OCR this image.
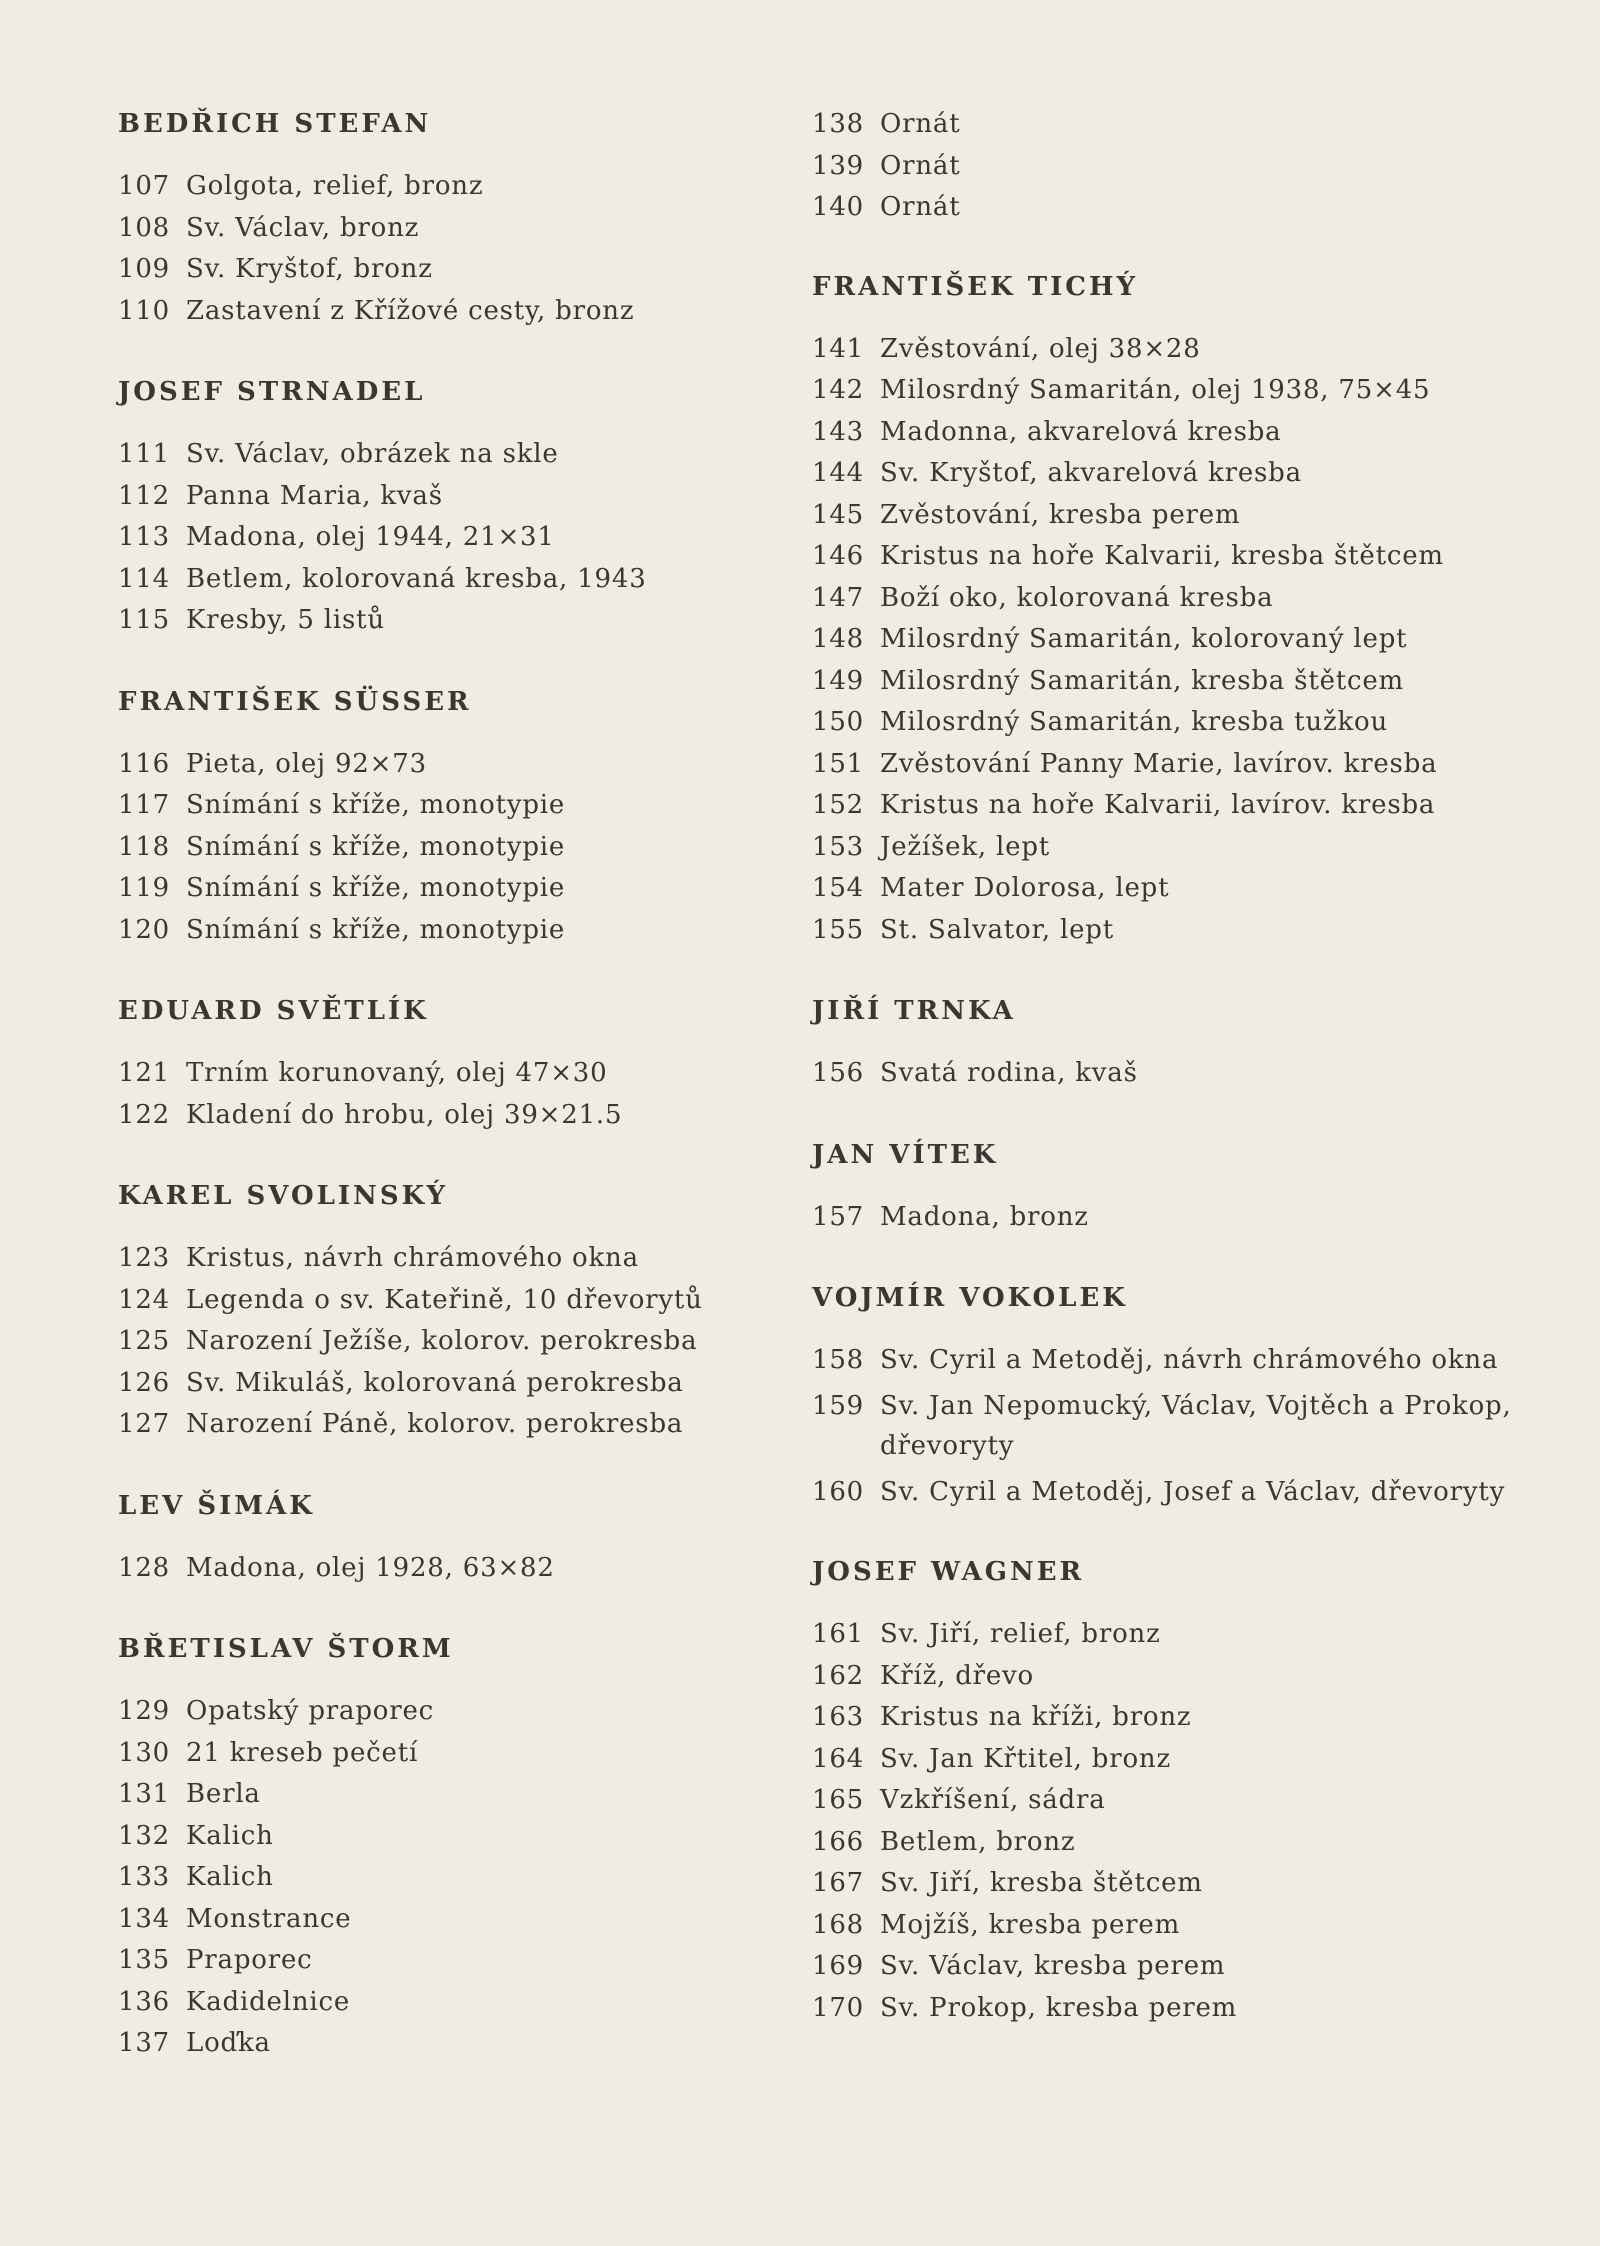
BEDŘICH STEFAN
107 Golgota, relief, bronz
108 Sv. Václav, bronz
109 Sv. Kryštof, bronz
110 Zastavení z Křížové cesty, bronz
JOSEF STRNADEL
111 Sv. Václav, obrázek na skle
112 Panna Maria, kvaš
113 Madona, olej 1944, 21×31
114 Betlem, kolorovaná kresba, 1943
115 Kresby, 5 listů
FRANTIŠEK SÜSSER
116 Pieta, olej 92×73
117 Snímání s kříže, monotypie
118 Snímání s kříže, monotypie
119 Snímání s kříže, monotypie
120 Snímání s kříže, monotypie
EDUARD SVĚTLÍK
121 Trním korunovaný, olej 47×30
122 Kladení do hrobu, olej 39×21.5
KAREL SVOLINSKÝ
123 Kristus, návrh chrámového okna
124 Legenda o sv. Kateřině, 10 dřevorytů
125 Narození Ježíše, kolorov. perokresba
126 Sv. Mikuláš, kolorovaná perokresba
127 Narození Páně, kolorov. perokresba
LEV ŠIMÁK
128 Madona, olej 1928, 63×82
BŘETISLAV ŠTORM
129 Opatský praporec
130 21 kreseb pečetí
131 Berla
132 Kalich
133 Kalich
134 Monstrance
135 Praporec
136 Kadidelnice
137 Loďka
138 Ornát
139 Ornát
140 Ornát
FRANTIŠEK TICHÝ
141 Zvěstování, olej 38×28
142 Milosrdný Samaritán, olej 1938, 75×45
143 Madonna, akvarelová kresba
144 Sv. Kryštof, akvarelová kresba
145 Zvěstování, kresba perem
146 Kristus na hoře Kalvarii, kresba štětcem
147 Boží oko, kolorovaná kresba
148 Milosrdný Samaritán, kolorovaný lept
149 Milosrdný Samaritán, kresba štětcem
150 Milosrdný Samaritán, kresba tužkou
151 Zvěstování Panny Marie, lavírov. kresba
152 Kristus na hoře Kalvarii, lavírov. kresba
153 Ježíšek, lept
154 Mater Dolorosa, lept
155 St. Salvator, lept
JIŘÍ TRNKA
156 Svatá rodina, kvaš
JAN VÍTEK
157 Madona, bronz
VOJMÍR VOKOLEK
158 Sv. Cyril a Metoděj, návrh chrámového okna
159 Sv. Jan Nepomucký, Václav, Vojtěch a Prokop, dřevoryty
160 Sv. Cyril a Metoděj, Josef a Václav, dřevoryty
JOSEF WAGNER
161 Sv. Jiří, relief, bronz
162 Kříž, dřevo
163 Kristus na kříži, bronz
164 Sv. Jan Křtitel, bronz
165 Vzkříšení, sádra
166 Betlem, bronz
167 Sv. Jiří, kresba štětcem
168 Mojžíš, kresba perem
169 Sv. Václav, kresba perem
170 Sv. Prokop, kresba perem
